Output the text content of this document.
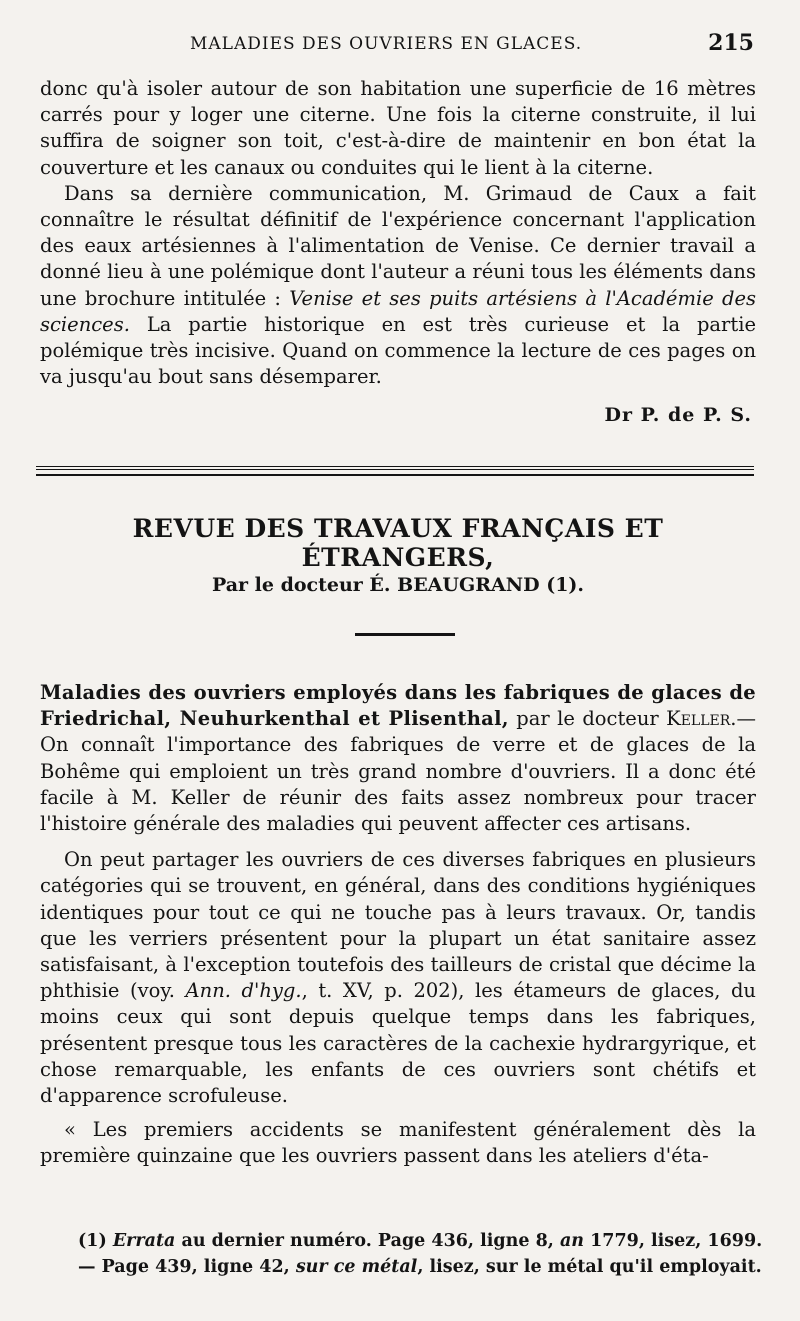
MALADIES DES OUVRIERS EN GLACES.	215

donc qu'à isoler autour de son habitation une superficie de 16 mètres carrés pour y loger une citerne. Une fois la citerne construite, il lui suffira de soigner son toit, c'est-à-dire de maintenir en bon état la couverture et les canaux ou conduites qui le lient à la citerne.

Dans sa dernière communication, M. Grimaud de Caux a fait connaître le résultat définitif de l'expérience concernant l'application des eaux artésiennes à l'alimentation de Venise. Ce dernier travail a donné lieu à une polémique dont l'auteur a réuni tous les éléments dans une brochure intitulée : Venise et ses puits artésiens à l'Académie des sciences. La partie historique en est très curieuse et la partie polémique très incisive. Quand on commence la lecture de ces pages on va jusqu'au bout sans désemparer.

Dr P. de P. S.
REVUE DES TRAVAUX FRANÇAIS ET ÉTRANGERS,
Par le docteur É. BEAUGRAND (1).

Maladies des ouvriers employés dans les fabriques de glaces de Friedrichal, Neuhurkenthal et Plisenthal, par le docteur Keller.—On connaît l'importance des fabriques de verre et de glaces de la Bohême qui emploient un très grand nombre d'ouvriers. Il a donc été facile à M. Keller de réunir des faits assez nombreux pour tracer l'histoire générale des maladies qui peuvent affecter ces artisans.

On peut partager les ouvriers de ces diverses fabriques en plusieurs catégories qui se trouvent, en général, dans des conditions hygiéniques identiques pour tout ce qui ne touche pas à leurs travaux. Or, tandis que les verriers présentent pour la plupart un état sanitaire assez satisfaisant, à l'exception toutefois des tailleurs de cristal que décime la phthisie (voy. Ann. d'hyg., t. XV, p. 202), les étameurs de glaces, du moins ceux qui sont depuis quelque temps dans les fabriques, présentent presque tous les caractères de la cachexie hydrargyrique, et chose remarquable, les enfants de ces ouvriers sont chétifs et d'apparence scrofuleuse.

« Les premiers accidents se manifestent généralement dès la première quinzaine que les ouvriers passent dans les ateliers d'éta-

(1) Errata au dernier numéro. Page 436, ligne 8, an 1779, lisez, 1699.

— Page 439, ligne 42, sur ce métal, lisez, sur le métal qu'il employait.
